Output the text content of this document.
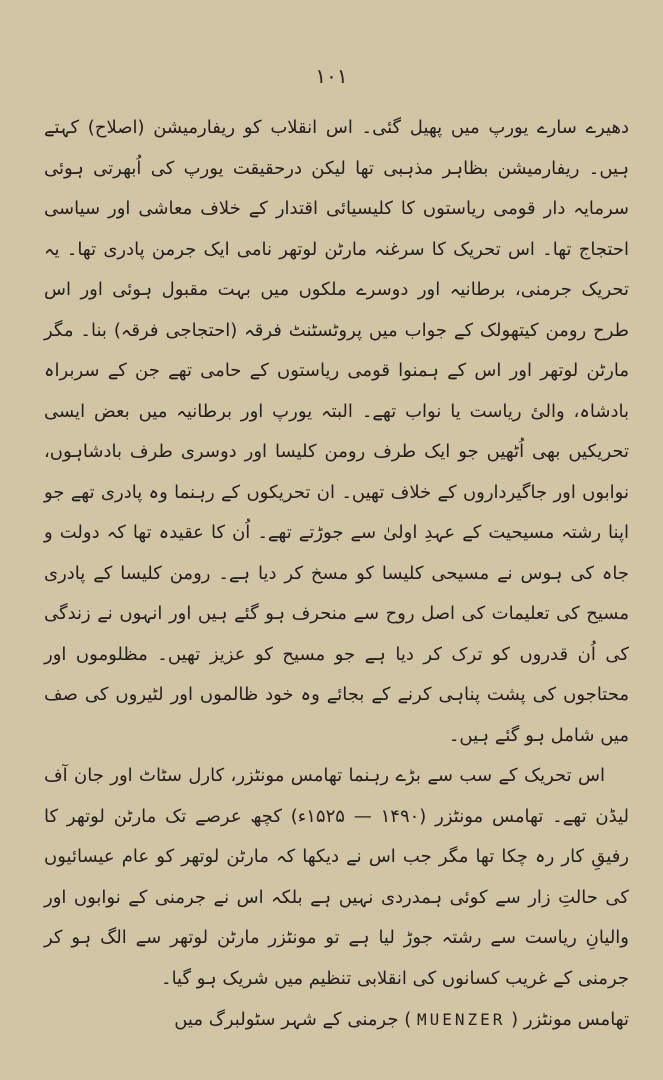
۱۰۱

دھیرے سارے یورپ میں پھیل گئی۔ اس انقلاب کو ریفارمیشن (اصلاح) کہتے ہیں۔ ریفارمیشن بظاہر مذہبی تھا لیکن درحقیقت یورپ کی اُبھرتی ہوئی سرمایہ دار قومی ریاستوں کا کلیسیائی اقتدار کے خلاف معاشی اور سیاسی احتجاج تھا۔ اس تحریک کا سرغنہ مارٹن لوتھر نامی ایک جرمن پادری تھا۔ یہ تحریک جرمنی، برطانیہ اور دوسرے ملکوں میں بہت مقبول ہوئی اور اس طرح رومن کیتھولک کے جواب میں پروٹسٹنٹ فرقہ (احتجاجی فرقہ) بنا۔ مگر مارٹن لوتھر اور اس کے ہمنوا قومی ریاستوں کے حامی تھے جن کے سربراہ بادشاہ، والیٔ ریاست یا نواب تھے۔ البتہ یورپ اور برطانیہ میں بعض ایسی تحریکیں بھی اُٹھیں جو ایک طرف رومن کلیسا اور دوسری طرف بادشاہوں، نوابوں اور جاگیرداروں کے خلاف تھیں۔ ان تحریکوں کے رہنما وہ پادری تھے جو اپنا رشتہ مسیحیت کے عہدِ اولیٰ سے جوڑتے تھے۔ اُن کا عقیدہ تھا کہ دولت و جاہ کی ہوس نے مسیحی کلیسا کو مسخ کر دیا ہے۔ رومن کلیسا کے پادری مسیح کی تعلیمات کی اصل روح سے منحرف ہو گئے ہیں اور انہوں نے زندگی کی اُن قدروں کو ترک کر دیا ہے جو مسیح کو عزیز تھیں۔ مظلوموں اور محتاجوں کی پشت پناہی کرنے کے بجائے وہ خود ظالموں اور لٹیروں کی صف میں شامل ہو گئے ہیں۔

اس تحریک کے سب سے بڑے رہنما تھامس مونٹزر، کارل سٹاٹ اور جان آف لیڈن تھے۔ تھامس مونٹزر (۱۴۹۰ — ۱۵۲۵ء) کچھ عرصے تک مارٹن لوتھر کا رفیقِ کار رہ چکا تھا مگر جب اس نے دیکھا کہ مارٹن لوتھر کو عام عیسائیوں کی حالتِ زار سے کوئی ہمدردی نہیں ہے بلکہ اس نے جرمنی کے نوابوں اور والیانِ ریاست سے رشتہ جوڑ لیا ہے تو مونٹزر مارٹن لوتھر سے الگ ہو کر جرمنی کے غریب کسانوں کی انقلابی تنظیم میں شریک ہو گیا۔

تھامس مونٹزر ( MUENZER ) جرمنی کے شہر سٹولبرگ میں
